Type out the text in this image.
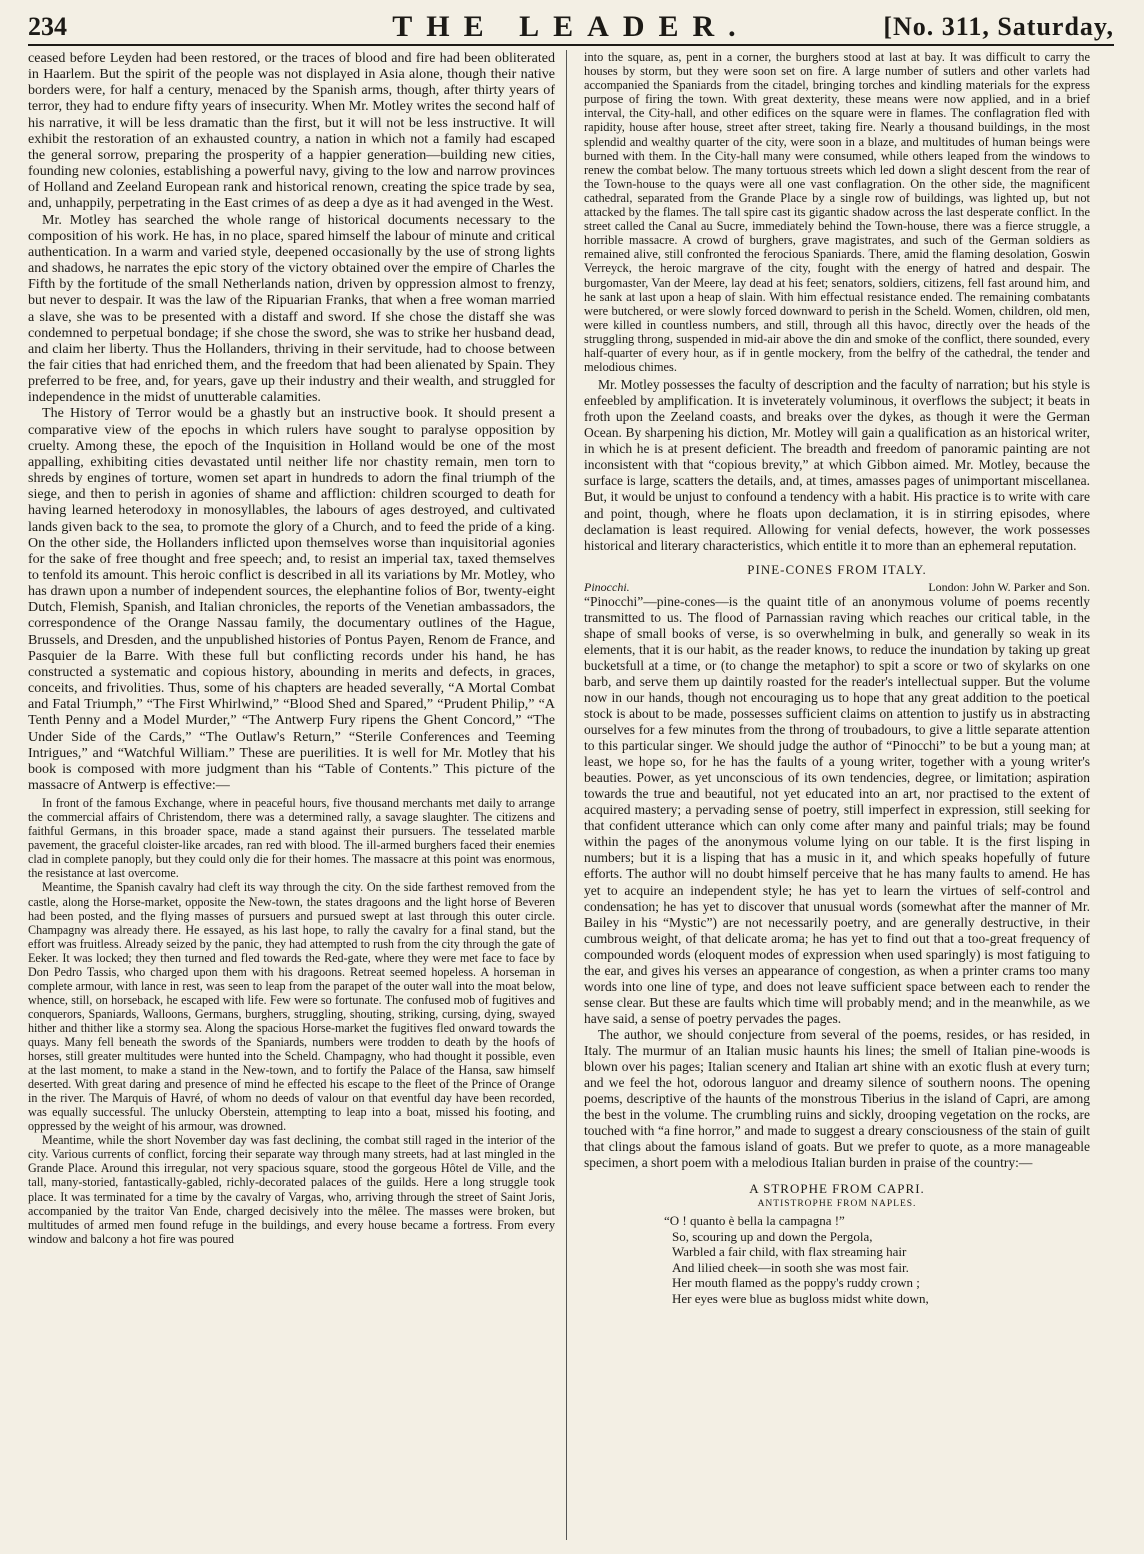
234	THE LEADER.	[No. 311, Saturday,

ceased before Leyden had been restored, or the traces of blood and fire had been obliterated in Haarlem. But the spirit of the people was not displayed in Asia alone, though their native borders were, for half a century, menaced by the Spanish arms, though, after thirty years of terror, they had to endure fifty years of insecurity. When Mr. Motley writes the second half of his narrative, it will be less dramatic than the first, but it will not be less instructive. It will exhibit the restoration of an exhausted country, a nation in which not a family had escaped the general sorrow, preparing the prosperity of a happier generation—building new cities, founding new colonies, establishing a powerful navy, giving to the low and narrow provinces of Holland and Zeeland European rank and historical renown, creating the spice trade by sea, and, unhappily, perpetrating in the East crimes of as deep a dye as it had avenged in the West.

Mr. Motley has searched the whole range of historical documents necessary to the composition of his work. He has, in no place, spared himself the labour of minute and critical authentication. In a warm and varied style, deepened occasionally by the use of strong lights and shadows, he narrates the epic story of the victory obtained over the empire of Charles the Fifth by the fortitude of the small Netherlands nation, driven by oppression almost to frenzy, but never to despair. It was the law of the Ripuarian Franks, that when a free woman married a slave, she was to be presented with a distaff and sword. If she chose the distaff she was condemned to perpetual bondage; if she chose the sword, she was to strike her husband dead, and claim her liberty. Thus the Hollanders, thriving in their servitude, had to choose between the fair cities that had enriched them, and the freedom that had been alienated by Spain. They preferred to be free, and, for years, gave up their industry and their wealth, and struggled for independence in the midst of unutterable calamities.

The History of Terror would be a ghastly but an instructive book. It should present a comparative view of the epochs in which rulers have sought to paralyse opposition by cruelty. Among these, the epoch of the Inquisition in Holland would be one of the most appalling, exhibiting cities devastated until neither life nor chastity remain, men torn to shreds by engines of torture, women set apart in hundreds to adorn the final triumph of the siege, and then to perish in agonies of shame and affliction: children scourged to death for having learned heterodoxy in monosyllables, the labours of ages destroyed, and cultivated lands given back to the sea, to promote the glory of a Church, and to feed the pride of a king. On the other side, the Hollanders inflicted upon themselves worse than inquisitorial agonies for the sake of free thought and free speech; and, to resist an imperial tax, taxed themselves to tenfold its amount. This heroic conflict is described in all its variations by Mr. Motley, who has drawn upon a number of independent sources, the elephantine folios of Bor, twenty-eight Dutch, Flemish, Spanish, and Italian chronicles, the reports of the Venetian ambassadors, the correspondence of the Orange Nassau family, the documentary outlines of the Hague, Brussels, and Dresden, and the unpublished histories of Pontus Payen, Renom de France, and Pasquier de la Barre. With these full but conflicting records under his hand, he has constructed a systematic and copious history, abounding in merits and defects, in graces, conceits, and frivolities. Thus, some of his chapters are headed severally, “A Mortal Combat and Fatal Triumph,” “The First Whirlwind,” “Blood Shed and Spared,” “Prudent Philip,” “A Tenth Penny and a Model Murder,” “The Antwerp Fury ripens the Ghent Concord,” “The Under Side of the Cards,” “The Outlaw's Return,” “Sterile Conferences and Teeming Intrigues,” and “Watchful William.” These are puerilities. It is well for Mr. Motley that his book is composed with more judgment than his “Table of Contents.” This picture of the massacre of Antwerp is effective:—

In front of the famous Exchange, where in peaceful hours, five thousand merchants met daily to arrange the commercial affairs of Christendom, there was a determined rally, a savage slaughter. The citizens and faithful Germans, in this broader space, made a stand against their pursuers. The tesselated marble pavement, the graceful cloister-like arcades, ran red with blood. The ill-armed burghers faced their enemies clad in complete panoply, but they could only die for their homes. The massacre at this point was enormous, the resistance at last overcome.

Meantime, the Spanish cavalry had cleft its way through the city. On the side farthest removed from the castle, along the Horse-market, opposite the New-town, the states dragoons and the light horse of Beveren had been posted, and the flying masses of pursuers and pursued swept at last through this outer circle. Champagny was already there. He essayed, as his last hope, to rally the cavalry for a final stand, but the effort was fruitless. Already seized by the panic, they had attempted to rush from the city through the gate of Eeker. It was locked; they then turned and fled towards the Red-gate, where they were met face to face by Don Pedro Tassis, who charged upon them with his dragoons. Retreat seemed hopeless. A horseman in complete armour, with lance in rest, was seen to leap from the parapet of the outer wall into the moat below, whence, still, on horseback, he escaped with life. Few were so fortunate. The confused mob of fugitives and conquerors, Spaniards, Walloons, Germans, burghers, struggling, shouting, striking, cursing, dying, swayed hither and thither like a stormy sea. Along the spacious Horse-market the fugitives fled onward towards the quays. Many fell beneath the swords of the Spaniards, numbers were trodden to death by the hoofs of horses, still greater multitudes were hunted into the Scheld. Champagny, who had thought it possible, even at the last moment, to make a stand in the New-town, and to fortify the Palace of the Hansa, saw himself deserted. With great daring and presence of mind he effected his escape to the fleet of the Prince of Orange in the river. The Marquis of Havré, of whom no deeds of valour on that eventful day have been recorded, was equally successful. The unlucky Oberstein, attempting to leap into a boat, missed his footing, and oppressed by the weight of his armour, was drowned.

Meantime, while the short November day was fast declining, the combat still raged in the interior of the city. Various currents of conflict, forcing their separate way through many streets, had at last mingled in the Grande Place. Around this irregular, not very spacious square, stood the gorgeous Hôtel de Ville, and the tall, many-storied, fantastically-gabled, richly-decorated palaces of the guilds. Here a long struggle took place. It was terminated for a time by the cavalry of Vargas, who, arriving through the street of Saint Joris, accompanied by the traitor Van Ende, charged decisively into the mêlee. The masses were broken, but multitudes of armed men found refuge in the buildings, and every house became a fortress. From every window and balcony a hot fire was poured

into the square, as, pent in a corner, the burghers stood at last at bay. It was difficult to carry the houses by storm, but they were soon set on fire. A large number of sutlers and other varlets had accompanied the Spaniards from the citadel, bringing torches and kindling materials for the express purpose of firing the town. With great dexterity, these means were now applied, and in a brief interval, the City-hall, and other edifices on the square were in flames. The conflagration fled with rapidity, house after house, street after street, taking fire. Nearly a thousand buildings, in the most splendid and wealthy quarter of the city, were soon in a blaze, and multitudes of human beings were burned with them. In the City-hall many were consumed, while others leaped from the windows to renew the combat below. The many tortuous streets which led down a slight descent from the rear of the Town-house to the quays were all one vast conflagration. On the other side, the magnificent cathedral, separated from the Grande Place by a single row of buildings, was lighted up, but not attacked by the flames. The tall spire cast its gigantic shadow across the last desperate conflict. In the street called the Canal au Sucre, immediately behind the Town-house, there was a fierce struggle, a horrible massacre. A crowd of burghers, grave magistrates, and such of the German soldiers as remained alive, still confronted the ferocious Spaniards. There, amid the flaming desolation, Goswin Verreyck, the heroic margrave of the city, fought with the energy of hatred and despair. The burgomaster, Van der Meere, lay dead at his feet; senators, soldiers, citizens, fell fast around him, and he sank at last upon a heap of slain. With him effectual resistance ended. The remaining combatants were butchered, or were slowly forced downward to perish in the Scheld. Women, children, old men, were killed in countless numbers, and still, through all this havoc, directly over the heads of the struggling throng, suspended in mid-air above the din and smoke of the conflict, there sounded, every half-quarter of every hour, as if in gentle mockery, from the belfry of the cathedral, the tender and melodious chimes.

Mr. Motley possesses the faculty of description and the faculty of narration; but his style is enfeebled by amplification. It is inveterately voluminous, it overflows the subject; it beats in froth upon the Zeeland coasts, and breaks over the dykes, as though it were the German Ocean. By sharpening his diction, Mr. Motley will gain a qualification as an historical writer, in which he is at present deficient. The breadth and freedom of panoramic painting are not inconsistent with that “copious brevity,” at which Gibbon aimed. Mr. Motley, because the surface is large, scatters the details, and, at times, amasses pages of unimportant miscellanea. But, it would be unjust to confound a tendency with a habit. His practice is to write with care and point, though, where he floats upon declamation, it is in stirring episodes, where declamation is least required. Allowing for venial defects, however, the work possesses historical and literary characteristics, which entitle it to more than an ephemeral reputation.

PINE-CONES FROM ITALY.
Pinocchi.	London: John W. Parker and Son.

“Pinocchi”—pine-cones—is the quaint title of an anonymous volume of poems recently transmitted to us. The flood of Parnassian raving which reaches our critical table, in the shape of small books of verse, is so overwhelming in bulk, and generally so weak in its elements, that it is our habit, as the reader knows, to reduce the inundation by taking up great bucketsfull at a time, or (to change the metaphor) to spit a score or two of skylarks on one barb, and serve them up daintily roasted for the reader's intellectual supper. But the volume now in our hands, though not encouraging us to hope that any great addition to the poetical stock is about to be made, possesses sufficient claims on attention to justify us in abstracting ourselves for a few minutes from the throng of troubadours, to give a little separate attention to this particular singer. We should judge the author of “Pinocchi” to be but a young man; at least, we hope so, for he has the faults of a young writer, together with a young writer's beauties. Power, as yet unconscious of its own tendencies, degree, or limitation; aspiration towards the true and beautiful, not yet educated into an art, nor practised to the extent of acquired mastery; a pervading sense of poetry, still imperfect in expression, still seeking for that confident utterance which can only come after many and painful trials; may be found within the pages of the anonymous volume lying on our table. It is the first lisping in numbers; but it is a lisping that has a music in it, and which speaks hopefully of future efforts. The author will no doubt himself perceive that he has many faults to amend. He has yet to acquire an independent style; he has yet to learn the virtues of self-control and condensation; he has yet to discover that unusual words (somewhat after the manner of Mr. Bailey in his “Mystic”) are not necessarily poetry, and are generally destructive, in their cumbrous weight, of that delicate aroma; he has yet to find out that a too-great frequency of compounded words (eloquent modes of expression when used sparingly) is most fatiguing to the ear, and gives his verses an appearance of congestion, as when a printer crams too many words into one line of type, and does not leave sufficient space between each to render the sense clear. But these are faults which time will probably mend; and in the meanwhile, as we have said, a sense of poetry pervades the pages.

The author, we should conjecture from several of the poems, resides, or has resided, in Italy. The murmur of an Italian music haunts his lines; the smell of Italian pine-woods is blown over his pages; Italian scenery and Italian art shine with an exotic flush at every turn; and we feel the hot, odorous languor and dreamy silence of southern noons. The opening poems, descriptive of the haunts of the monstrous Tiberius in the island of Capri, are among the best in the volume. The crumbling ruins and sickly, drooping vegetation on the rocks, are touched with “a fine horror,” and made to suggest a dreary consciousness of the stain of guilt that clings about the famous island of goats. But we prefer to quote, as a more manageable specimen, a short poem with a melodious Italian burden in praise of the country:—

A STROPHE FROM CAPRI.
ANTISTROPHE FROM NAPLES.
“O ! quanto è bella la campagna !”
So, scouring up and down the Pergola,
Warbled a fair child, with flax streaming hair
And lilied cheek—in sooth she was most fair.
Her mouth flamed as the poppy's ruddy crown ;
Her eyes were blue as bugloss midst white down,
